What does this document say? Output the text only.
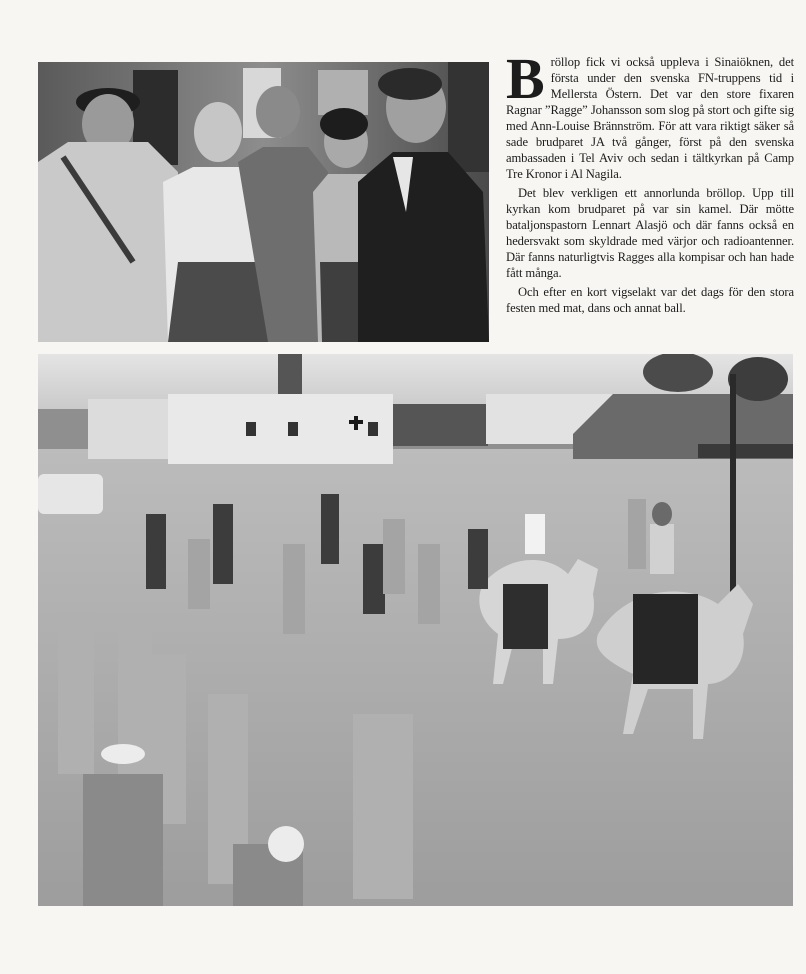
Bröllop fick vi också uppleva i Sinaiöknen, det första under den svenska FN-truppens tid i Mellersta Östern. Det var den store fixaren Ragnar ”Ragge” Johansson som slog på stort och gifte sig med Ann-Louise Brännström. För att vara riktigt säker så sade brudparet JA två gånger, först på den svenska ambassaden i Tel Aviv och sedan i tältkyrkan på Camp Tre Kronor i Al Nagila.

Det blev verkligen ett annorlunda bröllop. Upp till kyrkan kom brudparet på var sin kamel. Där mötte bataljonspastorn Lennart Alasjö och där fanns också en hedersvakt som skyldrade med värjor och radioantenner. Där fanns naturligtvis Ragges alla kompisar och han hade fått många.

Och efter en kort vigselakt var det dags för den stora festen med mat, dans och annat ball.
